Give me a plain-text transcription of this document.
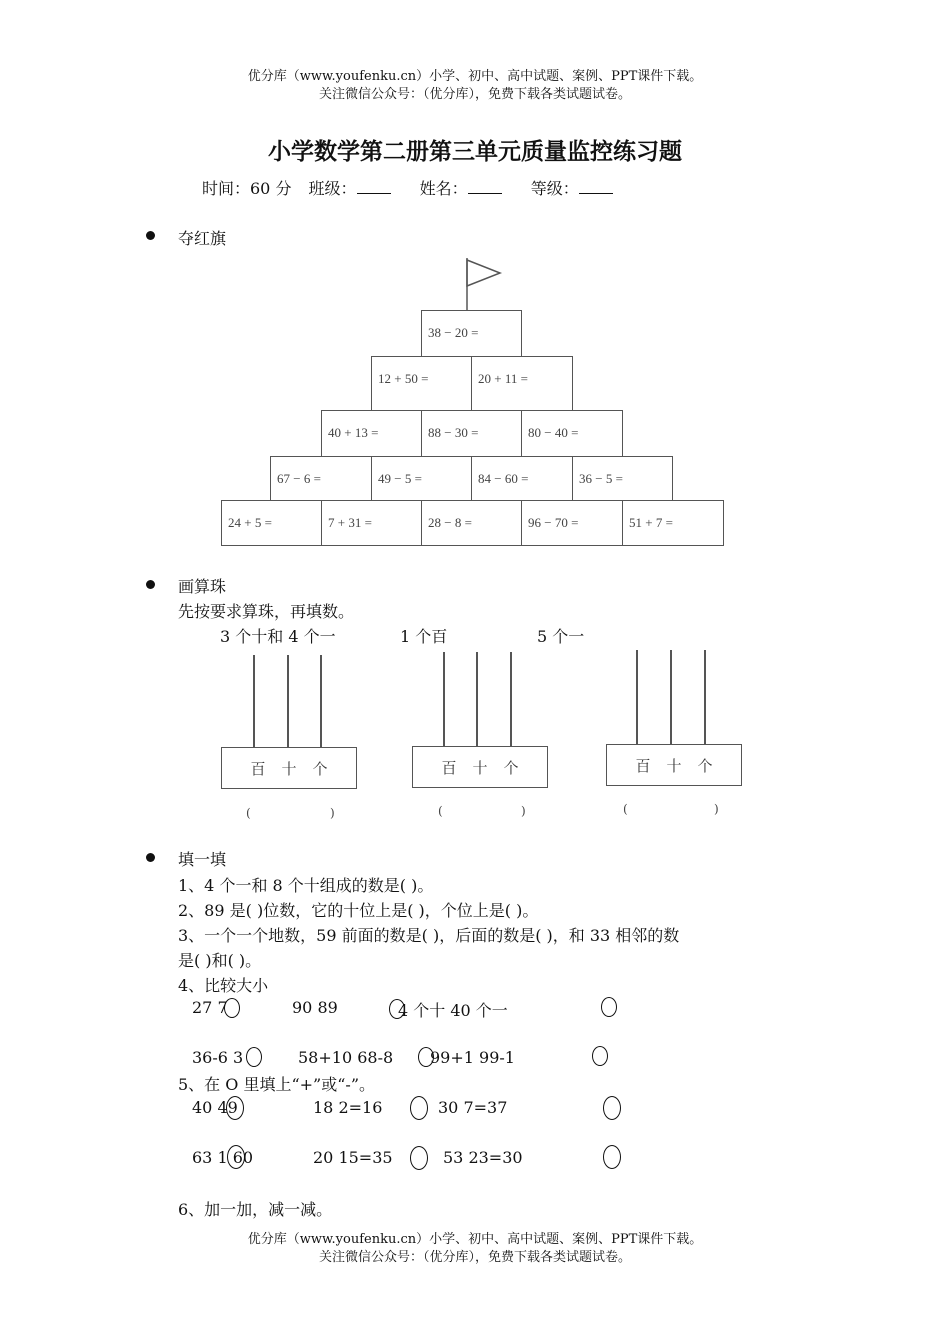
优分库（www.youfenku.cn）小学、初中、高中试题、案例、PPT课件下载。
关注微信公众号：（优分库），免费下载各类试题试卷。
小学数学第二册第三单元质量监控练习题
时间：60 分 班级：	姓名：	等级：
夺红旗
38 − 20 =
12 + 50 =	20 + 11 =
40 + 13 =	88 − 30 =	80 − 40 =
67 − 6 =	49 − 5 =	84 − 60 =	36 − 5 =
24 + 5 =	7 + 31 =	28 − 8 =	96 − 70 =	51 + 7 =
画算珠
先按要求算珠，再填数。
3 个十和 4 个一	1 个百	5 个一
百 十 个
(	)
百 十 个
(	)
百 十 个
(	)
填一填
1、4 个一和 8 个十组成的数是( )。
2、89 是( )位数，它的十位上是( )，个位上是( )。
3、一个一个地数，59 前面的数是( )，后面的数是( )，和 33 相邻的数
是( )和( )。
4、比较大小
27 7	90 89	4 个十 40 个一
36-6 3	58+10 68-8 99+1 99-1
5、在 O 里填上“+”或“-”。
40 49	18 2=16	30 7=37
63 1 60	20 15=35	53 23=30
6、加一加，减一减。
优分库（www.youfenku.cn）小学、初中、高中试题、案例、PPT课件下载。
关注微信公众号：（优分库），免费下载各类试题试卷。
